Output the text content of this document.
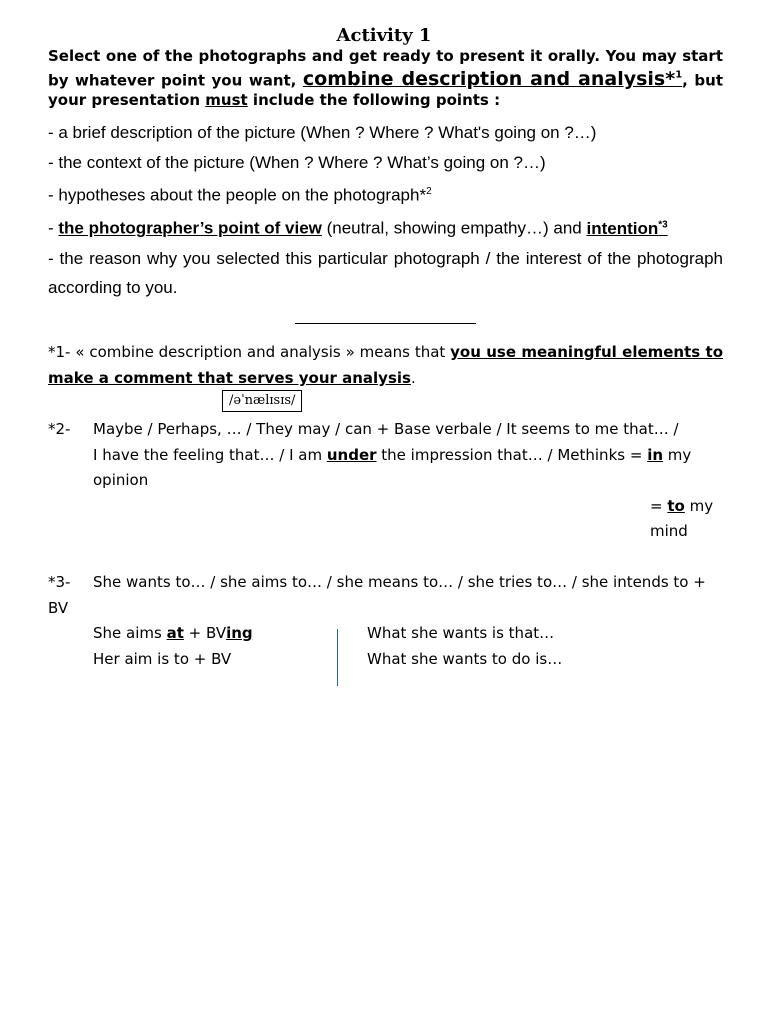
Activity 1
Select one of the photographs and get ready to present it orally. You may start by whatever point you want, combine description and analysis*$^1$, but your presentation must include the following points :

- a brief description of the picture (When ? Where ? What's going on ?…)

- the context of the picture (When ? Where ? What’s going on ?…)

- hypotheses about the people on the photograph*$^2$

- the photographer’s point of view (neutral, showing empathy…) and intention$^{*3}$

- the reason why you selected this particular photograph / the interest of the photograph according to you.

*1- « combine description and analysis » means that you use meaningful elements to make a comment that serves your analysis.
/əˈnælɪsɪs/

*2- Maybe / Perhaps, … / They may / can + Base verbale / It seems to me that… /

I have the feeling that… / I am under the impression that… / Methinks = in my opinion

= to my mind

*3- She wants to… / she aims to… / she means to… / she tries to… / she intends to + BV

She aims at + BVing

Her aim is to + BV

What she wants is that…

What she wants to do is…
